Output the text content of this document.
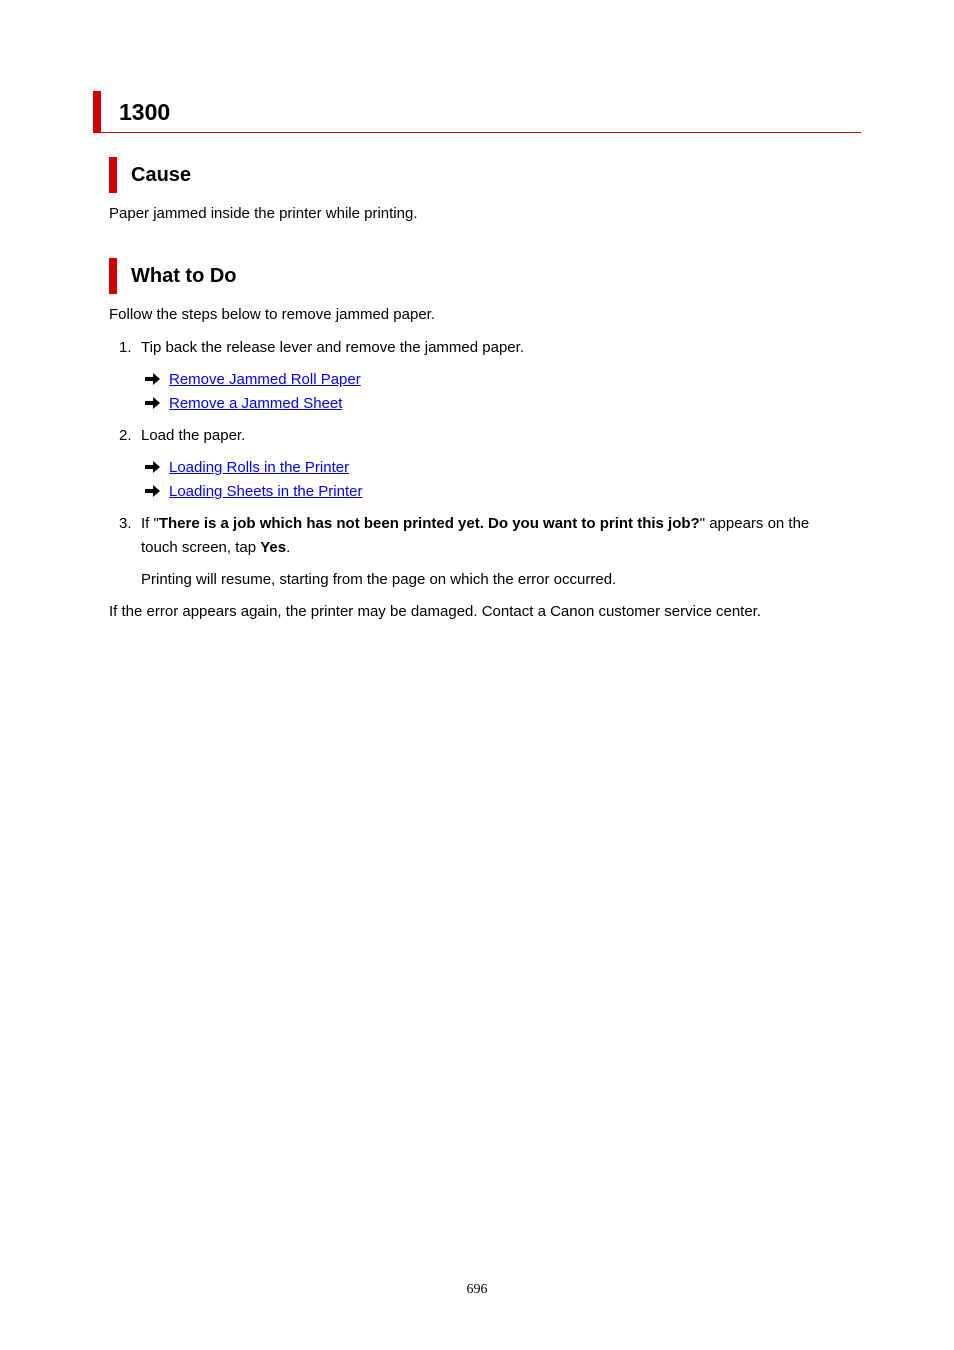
1300
Cause
Paper jammed inside the printer while printing.
What to Do
Follow the steps below to remove jammed paper.
1. Tip back the release lever and remove the jammed paper.
Remove Jammed Roll Paper
Remove a Jammed Sheet
2. Load the paper.
Loading Rolls in the Printer
Loading Sheets in the Printer
3. If "There is a job which has not been printed yet. Do you want to print this job?" appears on the
touch screen, tap Yes.
Printing will resume, starting from the page on which the error occurred.
If the error appears again, the printer may be damaged. Contact a Canon customer service center.
696
